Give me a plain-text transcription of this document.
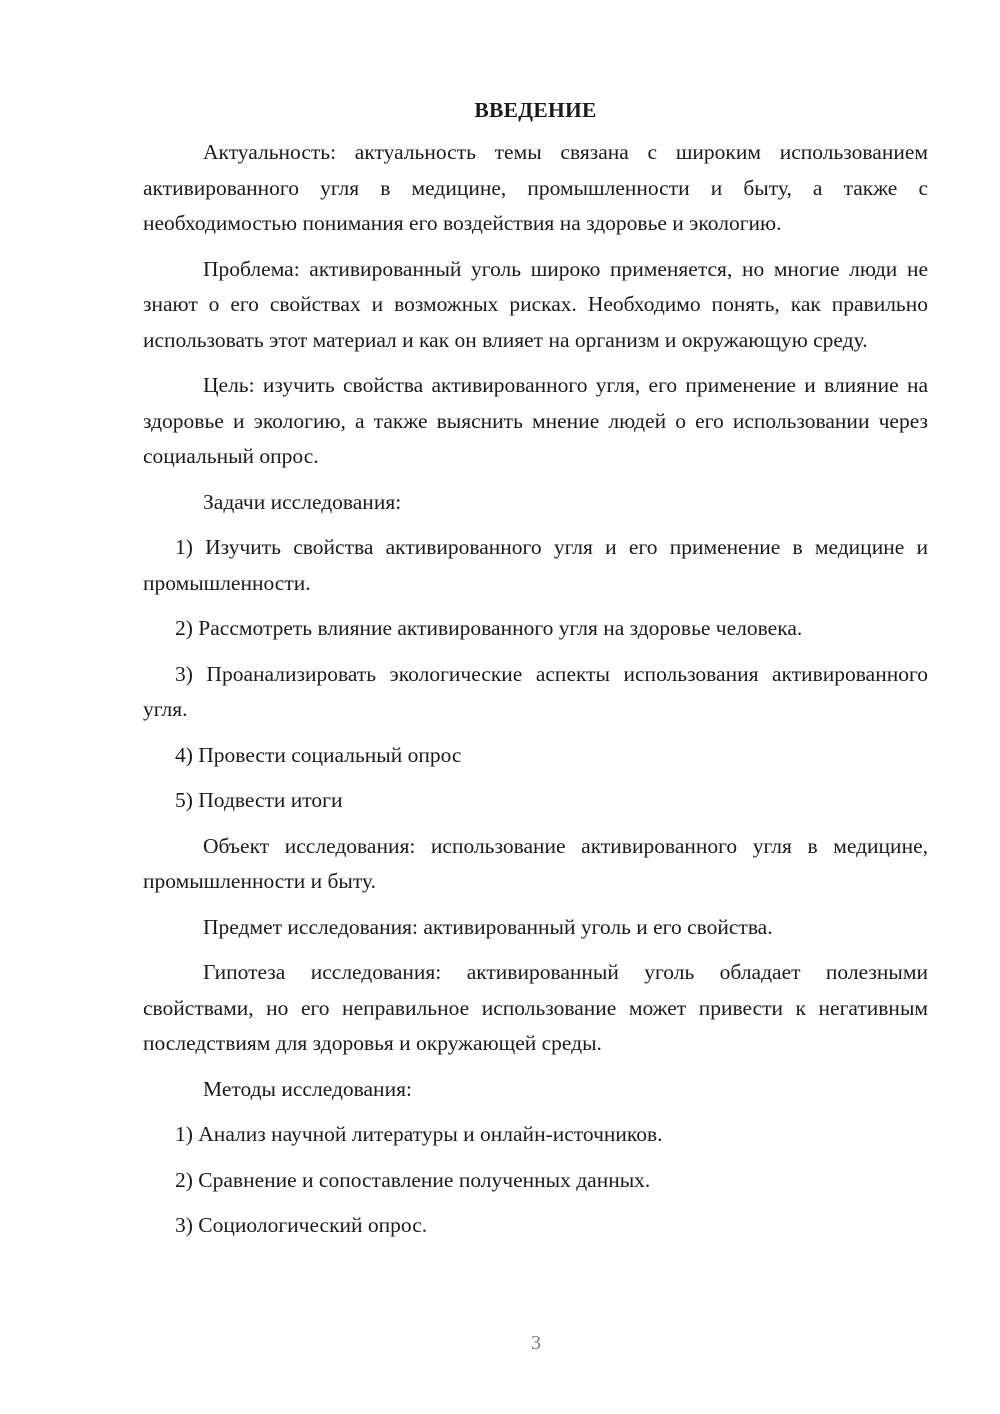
ВВЕДЕНИЕ

Актуальность: актуальность темы связана с широким использованием активированного угля в медицине, промышленности и быту, а также с необходимостью понимания его воздействия на здоровье и экологию.

Проблема: активированный уголь широко применяется, но многие люди не знают о его свойствах и возможных рисках. Необходимо понять, как правильно использовать этот материал и как он влияет на организм и окружающую среду.

Цель: изучить свойства активированного угля, его применение и влияние на здоровье и экологию, а также выяснить мнение людей о его использовании через социальный опрос.

Задачи исследования:

1) Изучить свойства активированного угля и его применение в медицине и промышленности.

2) Рассмотреть влияние активированного угля на здоровье человека.

3) Проанализировать экологические аспекты использования активированного угля.

4) Провести социальный опрос

5) Подвести итоги

Объект исследования: использование активированного угля в медицине, промышленности и быту.

Предмет исследования: активированный уголь и его свойства.

Гипотеза исследования: активированный уголь обладает полезными свойствами, но его неправильное использование может привести к негативным последствиям для здоровья и окружающей среды.

Методы исследования:

1) Анализ научной литературы и онлайн-источников.

2) Сравнение и сопоставление полученных данных.

3) Социологический опрос.

3
